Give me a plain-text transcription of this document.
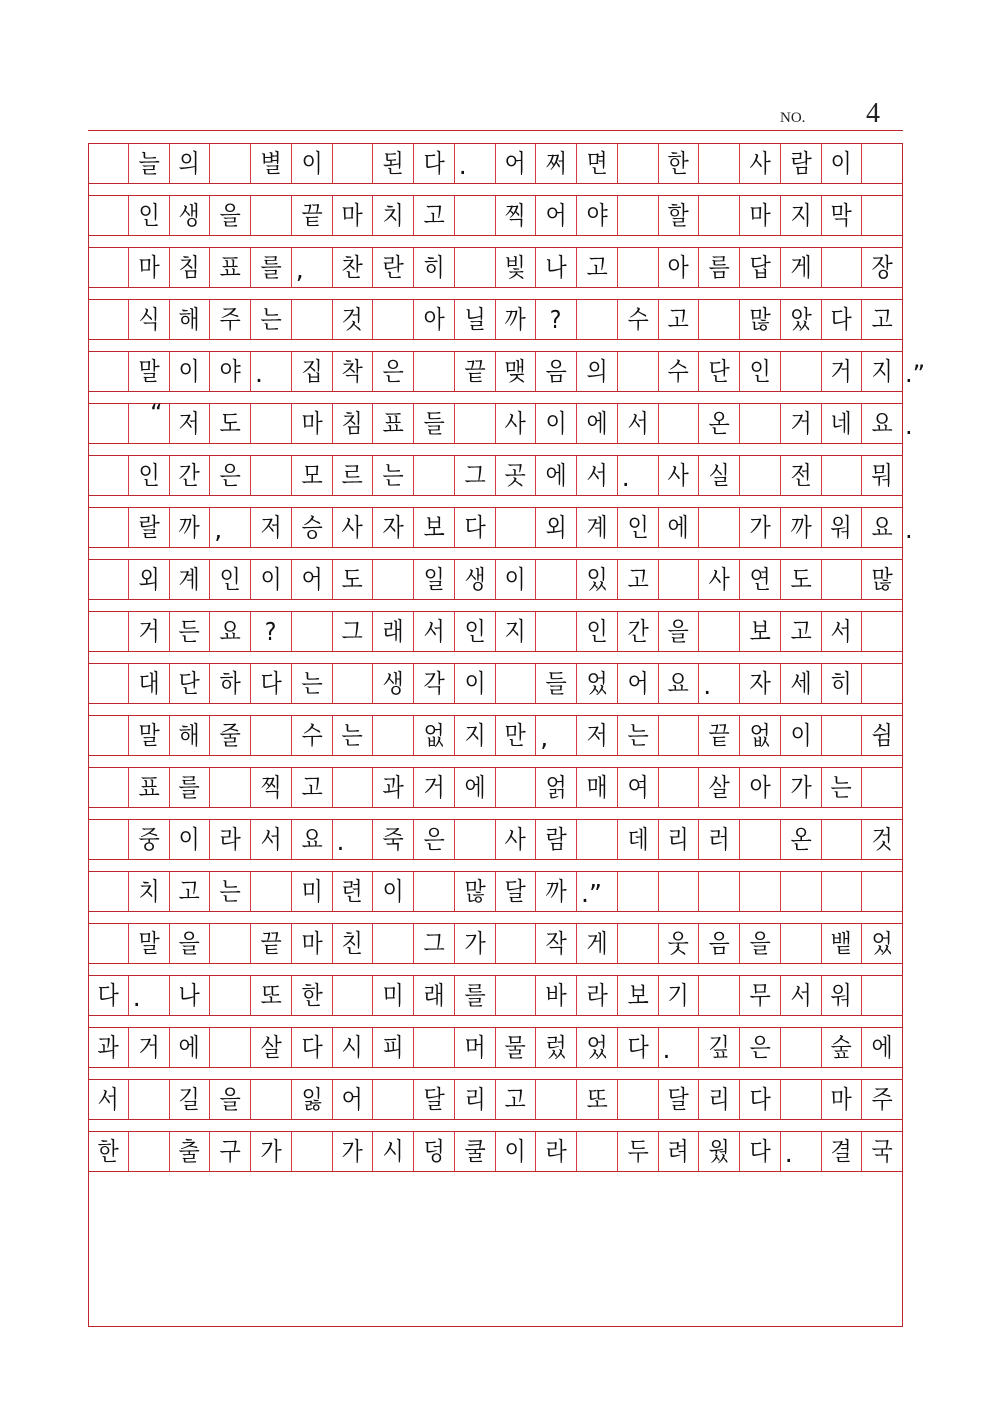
NO. 4
늘 의	별 이	된 다 .	어 쩌 면	한	사 람 이
인 생 을	끝 마 치 고	찍 어 야	할	마 지 막
마 침 표 를 ,	찬 란 히	빛 나 고	아 름 답 게	장
식 해 주 는	것	아 닐 까 ?	수 고	많 았 다 고
말 이 야 .	집 착 은	끝 맺 음 의	수 단 인	거 지 .”
“ 저 도	마 침 표 들	사 이 에 서	온	거 네 요 .
인 간 은	모 르 는	그 곳 에 서 .	사 실	전	뭐
랄 까 ,	저 승 사 자 보 다	외 계 인 에	가 까 워 요 .
외 계 인 이 어 도	일 생 이	있 고	사 연 도	많
거 든 요 ?	그 래 서 인 지	인 간 을	보 고 서
대 단 하 다 는	생 각 이	들 었 어 요 .	자 세 히
말 해 줄	수 는	없 지 만 ,	저 는	끝 없 이	쉼
표 를	찍 고	과 거 에	얽 매 여	살 아 가 는
중 이 라 서 요 .	죽 은	사 람	데 리 러	온	것
치 고 는	미 련 이	많 달 까 .”
말 을	끝 마 친	그 가	작 게	웃 음 을	뱉 었
다 .	나	또 한	미 래 를	바 라 보 기	무 서 워
과 거 에	살 다 시 피	머 물 렀 었 다 .	깊 은	숲 에
서	길 을	잃 어	달 리 고	또	달 리 다	마 주
한	출 구 가	가 시 덩 쿨 이 라	두 려 웠 다 .	결 국
